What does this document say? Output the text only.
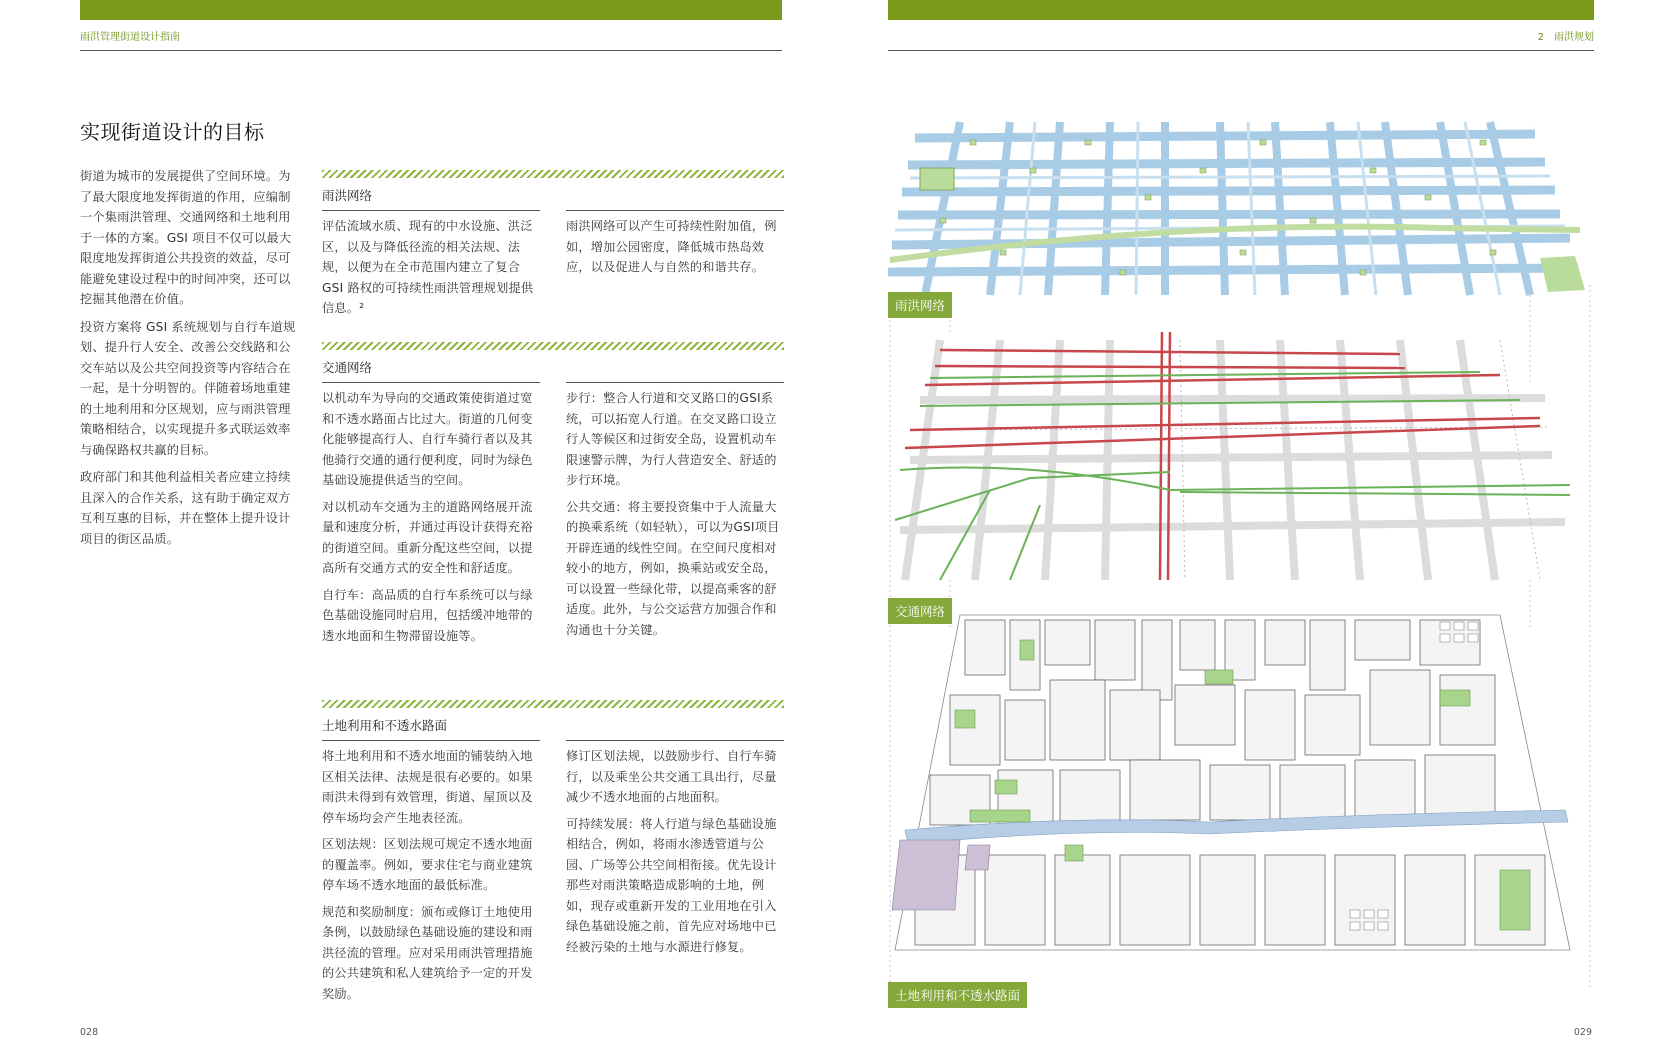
雨洪管理街道设计指南	2　雨洪规划
实现街道设计的目标

街道为城市的发展提供了空间环境。为了最大限度地发挥街道的作用，应编制一个集雨洪管理、交通网络和土地利用于一体的方案。GSI 项目不仅可以最大限度地发挥街道公共投资的效益，尽可能避免建设过程中的时间冲突，还可以挖掘其他潜在价值。

投资方案将 GSI 系统规划与自行车道规划、提升行人安全、改善公交线路和公交车站以及公共空间投资等内容结合在一起，是十分明智的。伴随着场地重建的土地利用和分区规划，应与雨洪管理策略相结合，以实现提升多式联运效率与确保路权共赢的目标。

政府部门和其他利益相关者应建立持续且深入的合作关系，这有助于确定双方互利互惠的目标，并在整体上提升设计项目的街区品质。

雨洪网络

评估流域水质、现有的中水设施、洪泛区，以及与降低径流的相关法规、法规，以便为在全市范围内建立了复合 GSI 路权的可持续性雨洪管理规划提供信息。²

雨洪网络可以产生可持续性附加值，例如，增加公园密度，降低城市热岛效应，以及促进人与自然的和谐共存。

交通网络

以机动车为导向的交通政策使街道过宽和不透水路面占比过大。街道的几何变化能够提高行人、自行车骑行者以及其他骑行交通的通行便利度，同时为绿色基础设施提供适当的空间。

对以机动车交通为主的道路网络展开流量和速度分析，并通过再设计获得充裕的街道空间。重新分配这些空间，以提高所有交通方式的安全性和舒适度。

自行车：高品质的自行车系统可以与绿色基础设施同时启用，包括缓冲地带的透水地面和生物滞留设施等。

步行：整合人行道和交叉路口的GSI系统，可以拓宽人行道。在交叉路口设立行人等候区和过街安全岛，设置机动车限速警示牌，为行人营造安全、舒适的步行环境。

公共交通：将主要投资集中于人流量大的换乘系统（如轻轨），可以为GSI项目开辟连通的线性空间。在空间尺度相对较小的地方，例如，换乘站或安全岛，可以设置一些绿化带，以提高乘客的舒适度。此外，与公交运营方加强合作和沟通也十分关键。

土地利用和不透水路面

将土地利用和不透水地面的铺装纳入地区相关法律、法规是很有必要的。如果雨洪未得到有效管理，街道、屋顶以及停车场均会产生地表径流。

区划法规：区划法规可规定不透水地面的覆盖率。例如，要求住宅与商业建筑停车场不透水地面的最低标准。

规范和奖励制度：颁布或修订土地使用条例，以鼓励绿色基础设施的建设和雨洪径流的管理。应对采用雨洪管理措施的公共建筑和私人建筑给予一定的开发奖励。

修订区划法规，以鼓励步行、自行车骑行，以及乘坐公共交通工具出行，尽量减少不透水地面的占地面积。

可持续发展：将人行道与绿色基础设施相结合，例如，将雨水渗透管道与公园、广场等公共空间相衔接。优先设计那些对雨洪策略造成影响的土地，例如，现存或重新开发的工业用地在引入绿色基础设施之前，首先应对场地中已经被污染的土地与水源进行修复。

雨洪网络
交通网络
土地利用和不透水路面
028	029
